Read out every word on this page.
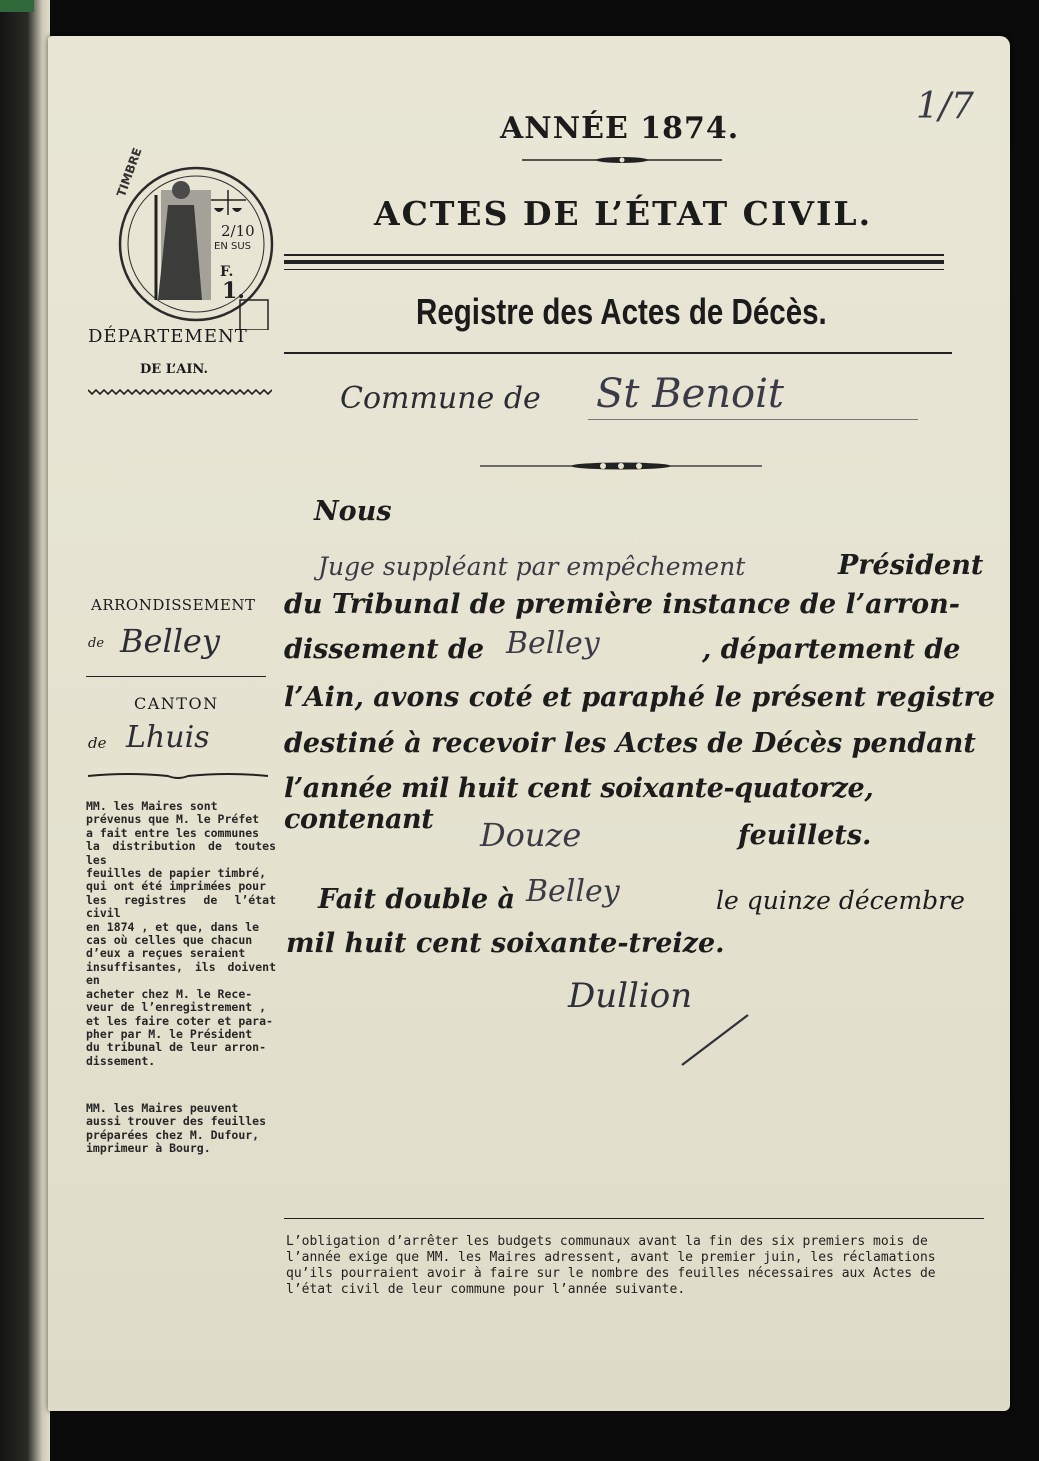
ANNÉE 1874.
1/7
ACTES DE L’ÉTAT CIVIL.
Registre des Actes de Décès.
Commune de St Benoit
TIMBRE
2/10
EN SUS
F.
1.
DÉPARTEMENT
DE L’AIN.
ARRONDISSEMENT
de Belley
CANTON
de Lhuis
MM. les Maires sont
prévenus que M. le Préfet
a fait entre les communes
la distribution de toutes les
feuilles de papier timbré,
qui ont été imprimées pour
les registres de l’état civil
en 1874 , et que, dans le
cas où celles que chacun
d’eux a reçues seraient
insuffisantes, ils doivent en
acheter chez M. le Rece-
veur de l’enregistrement ,
et les faire coter et para-
pher par M. le Président
du tribunal de leur arron-
dissement.
MM. les Maires peuvent
aussi trouver des feuilles
préparées chez M. Dufour,
imprimeur à Bourg.
Nous
Juge suppléant par empêchement	Président
du Tribunal de première instance de l’arron-
dissement de Belley	, département de
l’Ain, avons coté et paraphé le présent registre
destiné à recevoir les Actes de Décès pendant
l’année mil huit cent soixante-quatorze, contenant	Douze	feuillets.
Fait double à Belley	le quinze décembre
mil huit cent soixante-treize.
Dullion
L’obligation d’arrêter les budgets communaux avant la fin des six premiers mois de
l’année exige que MM. les Maires adressent, avant le premier juin, les réclamations
qu’ils pourraient avoir à faire sur le nombre des feuilles nécessaires aux Actes de
l’état civil de leur commune pour l’année suivante.
